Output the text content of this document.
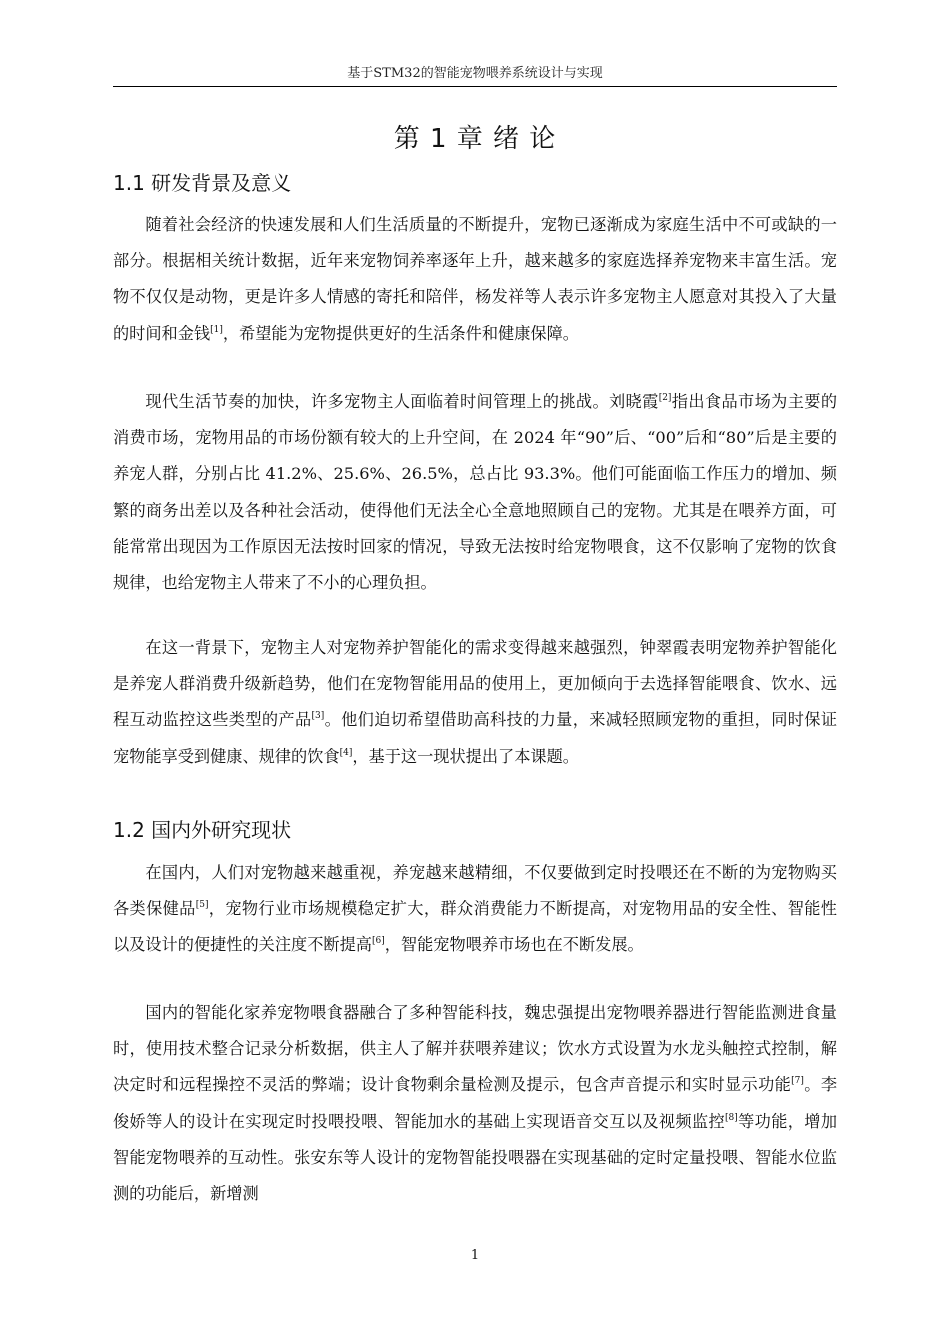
基于STM32的智能宠物喂养系统设计与实现
第 1 章 绪 论
1.1 研发背景及意义

随着社会经济的快速发展和人们生活质量的不断提升，宠物已逐渐成为家庭生活中不可或缺的一部分。根据相关统计数据，近年来宠物饲养率逐年上升，越来越多的家庭选择养宠物来丰富生活。宠物不仅仅是动物，更是许多人情感的寄托和陪伴，杨发祥等人表示许多宠物主人愿意对其投入了大量的时间和金钱[1]，希望能为宠物提供更好的生活条件和健康保障。

现代生活节奏的加快，许多宠物主人面临着时间管理上的挑战。刘晓霞[2]指出食品市场为主要的消费市场，宠物用品的市场份额有较大的上升空间，在 2024 年“90”后、“00”后和“80”后是主要的养宠人群，分别占比 41.2%、25.6%、26.5%，总占比 93.3%。他们可能面临工作压力的增加、频繁的商务出差以及各种社会活动，使得他们无法全心全意地照顾自己的宠物。尤其是在喂养方面，可能常常出现因为工作原因无法按时回家的情况，导致无法按时给宠物喂食，这不仅影响了宠物的饮食规律，也给宠物主人带来了不小的心理负担。

在这一背景下，宠物主人对宠物养护智能化的需求变得越来越强烈，钟翠霞表明宠物养护智能化是养宠人群消费升级新趋势，他们在宠物智能用品的使用上，更加倾向于去选择智能喂食、饮水、远程互动监控这些类型的产品[3]。他们迫切希望借助高科技的力量，来减轻照顾宠物的重担，同时保证宠物能享受到健康、规律的饮食[4]，基于这一现状提出了本课题。

1.2 国内外研究现状

在国内，人们对宠物越来越重视，养宠越来越精细，不仅要做到定时投喂还在不断的为宠物购买各类保健品[5]，宠物行业市场规模稳定扩大，群众消费能力不断提高，对宠物用品的安全性、智能性以及设计的便捷性的关注度不断提高[6]，智能宠物喂养市场也在不断发展。

国内的智能化家养宠物喂食器融合了多种智能科技，魏忠强提出宠物喂养器进行智能监测进食量时，使用技术整合记录分析数据，供主人了解并获喂养建议；饮水方式设置为水龙头触控式控制，解决定时和远程操控不灵活的弊端；设计食物剩余量检测及提示，包含声音提示和实时显示功能[7]。李俊娇等人的设计在实现定时投喂投喂、智能加水的基础上实现语音交互以及视频监控[8]等功能，增加智能宠物喂养的互动性。张安东等人设计的宠物智能投喂器在实现基础的定时定量投喂、智能水位监测的功能后，新增测

1
